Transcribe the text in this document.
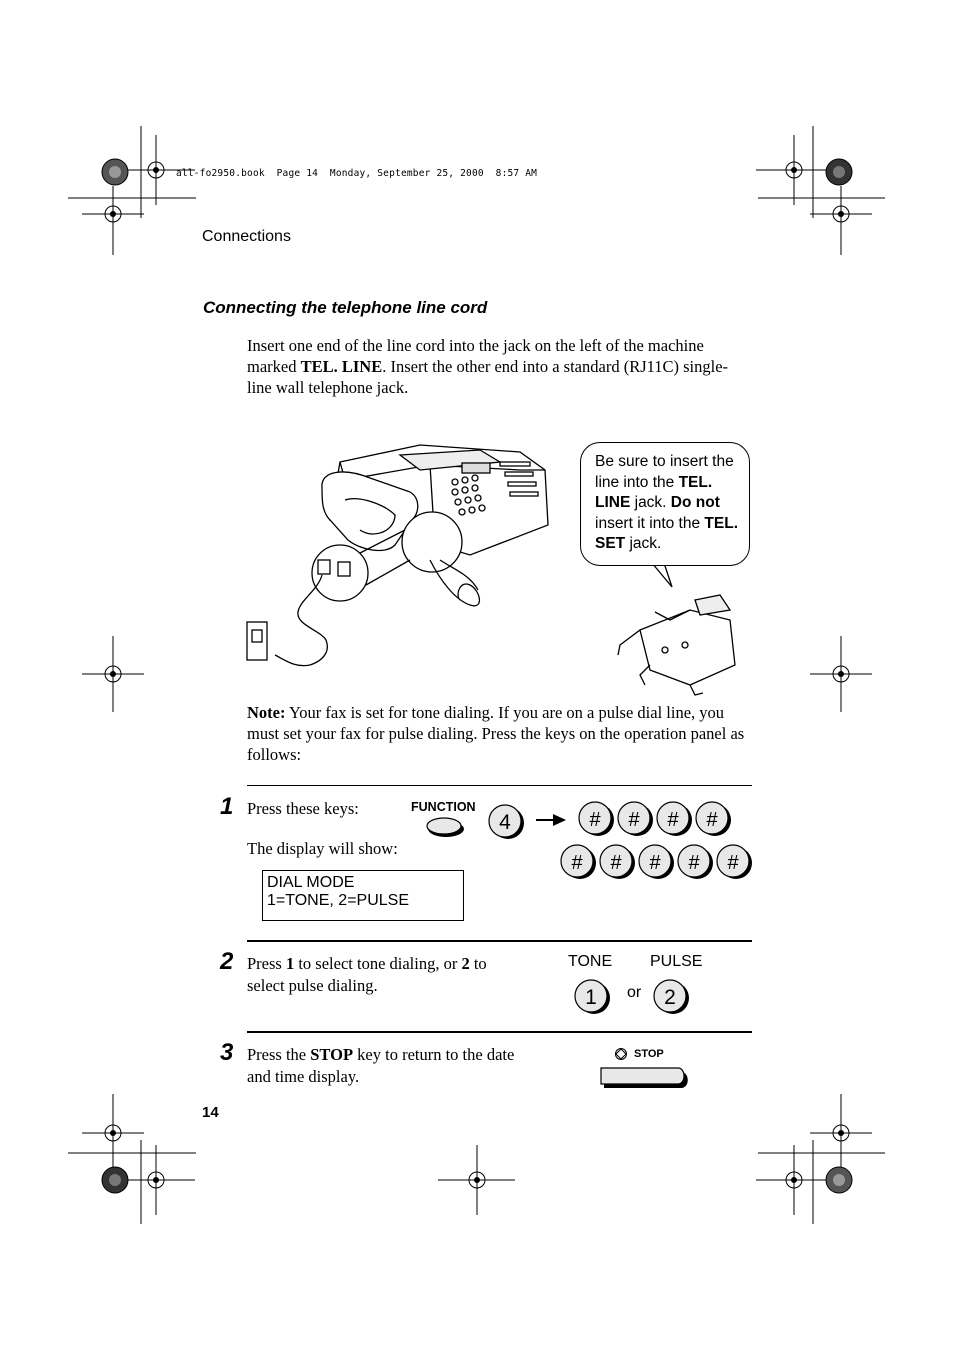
all-fo2950.book  Page 14  Monday, September 25, 2000  8:57 AM
Connections
Connecting the telephone line cord
Insert one end of the line cord into the jack on the left of the machine marked TEL. LINE. Insert the other end into a standard (RJ11C) single-line wall telephone jack.
Be sure to insert the line into the TEL. LINE jack. Do not insert it into the TEL. SET jack.
Note: Your fax is set for tone dialing. If you are on a pulse dial line, you must set your fax for pulse dialing. Press the keys on the operation panel as follows:
1 Press these keys:
The display will show:
DIAL MODE
1=TONE, 2=PULSE
FUNCTION
4	# # # #
# # # # #
1	2
2 Press 1 to select tone dialing, or 2 to select pulse dialing.
TONE PULSE
or
3 Press the STOP key to return to the date and time display.
STOP
14
